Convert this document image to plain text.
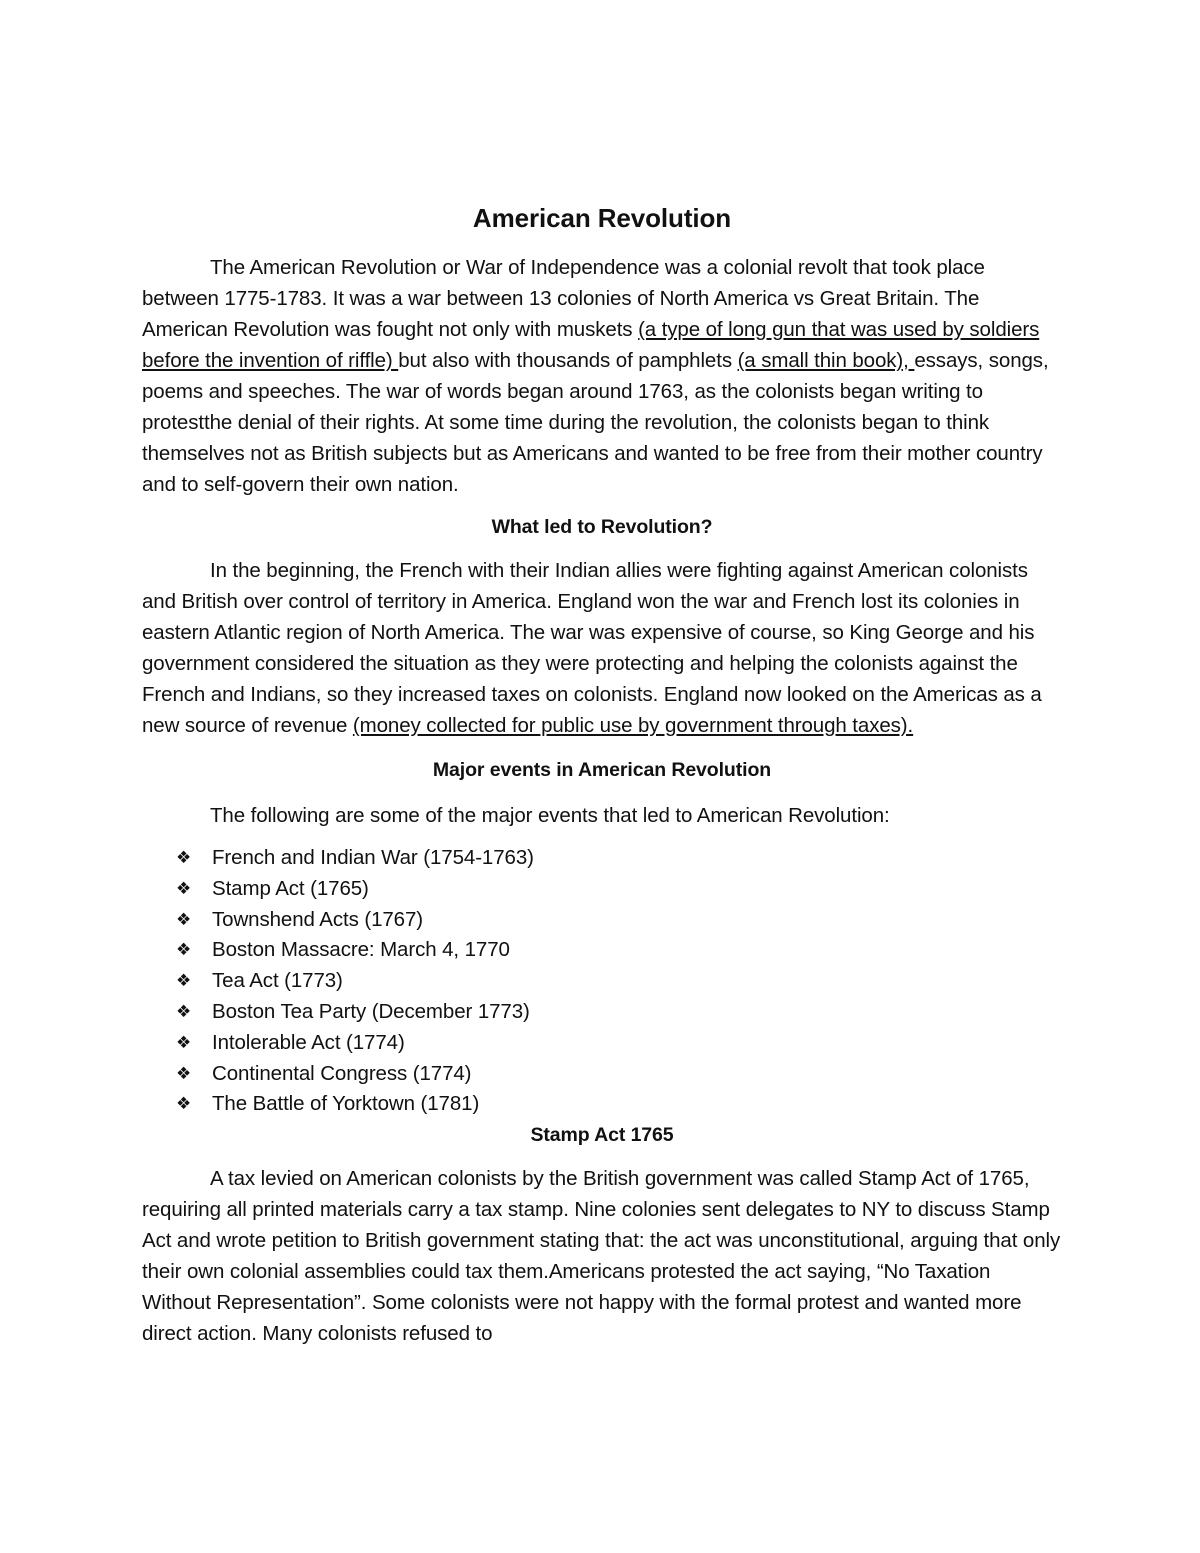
American Revolution

The American Revolution or War of Independence was a colonial revolt that took place between 1775-1783. It was a war between 13 colonies of North America vs Great Britain. The American Revolution was fought not only with muskets (a type of long gun that was used by soldiers before the invention of riffle) but also with thousands of pamphlets (a small thin book), essays, songs, poems and speeches. The war of words began around 1763, as the colonists began writing to protestthe denial of their rights. At some time during the revolution, the colonists began to think themselves not as British subjects but as Americans and wanted to be free from their mother country and to self-govern their own nation.

What led to Revolution?

In the beginning, the French with their Indian allies were fighting against American colonists and British over control of territory in America. England won the war and French lost its colonies in eastern Atlantic region of North America. The war was expensive of course, so King George and his government considered the situation as they were protecting and helping the colonists against the French and Indians, so they increased taxes on colonists. England now looked on the Americas as a new source of revenue (money collected for public use by government through taxes).

Major events in American Revolution

The following are some of the major events that led to American Revolution:

❖ French and Indian War (1754-1763)
❖ Stamp Act (1765)
❖ Townshend Acts (1767)
❖ Boston Massacre: March 4, 1770
❖ Tea Act (1773)
❖ Boston Tea Party (December 1773)
❖ Intolerable Act (1774)
❖ Continental Congress (1774)
❖ The Battle of Yorktown (1781)
Stamp Act 1765

A tax levied on American colonists by the British government was called Stamp Act of 1765, requiring all printed materials carry a tax stamp. Nine colonies sent delegates to NY to discuss Stamp Act and wrote petition to British government stating that: the act was unconstitutional, arguing that only their own colonial assemblies could tax them.Americans protested the act saying, “No Taxation Without Representation”. Some colonists were not happy with the formal protest and wanted more direct action. Many colonists refused to
